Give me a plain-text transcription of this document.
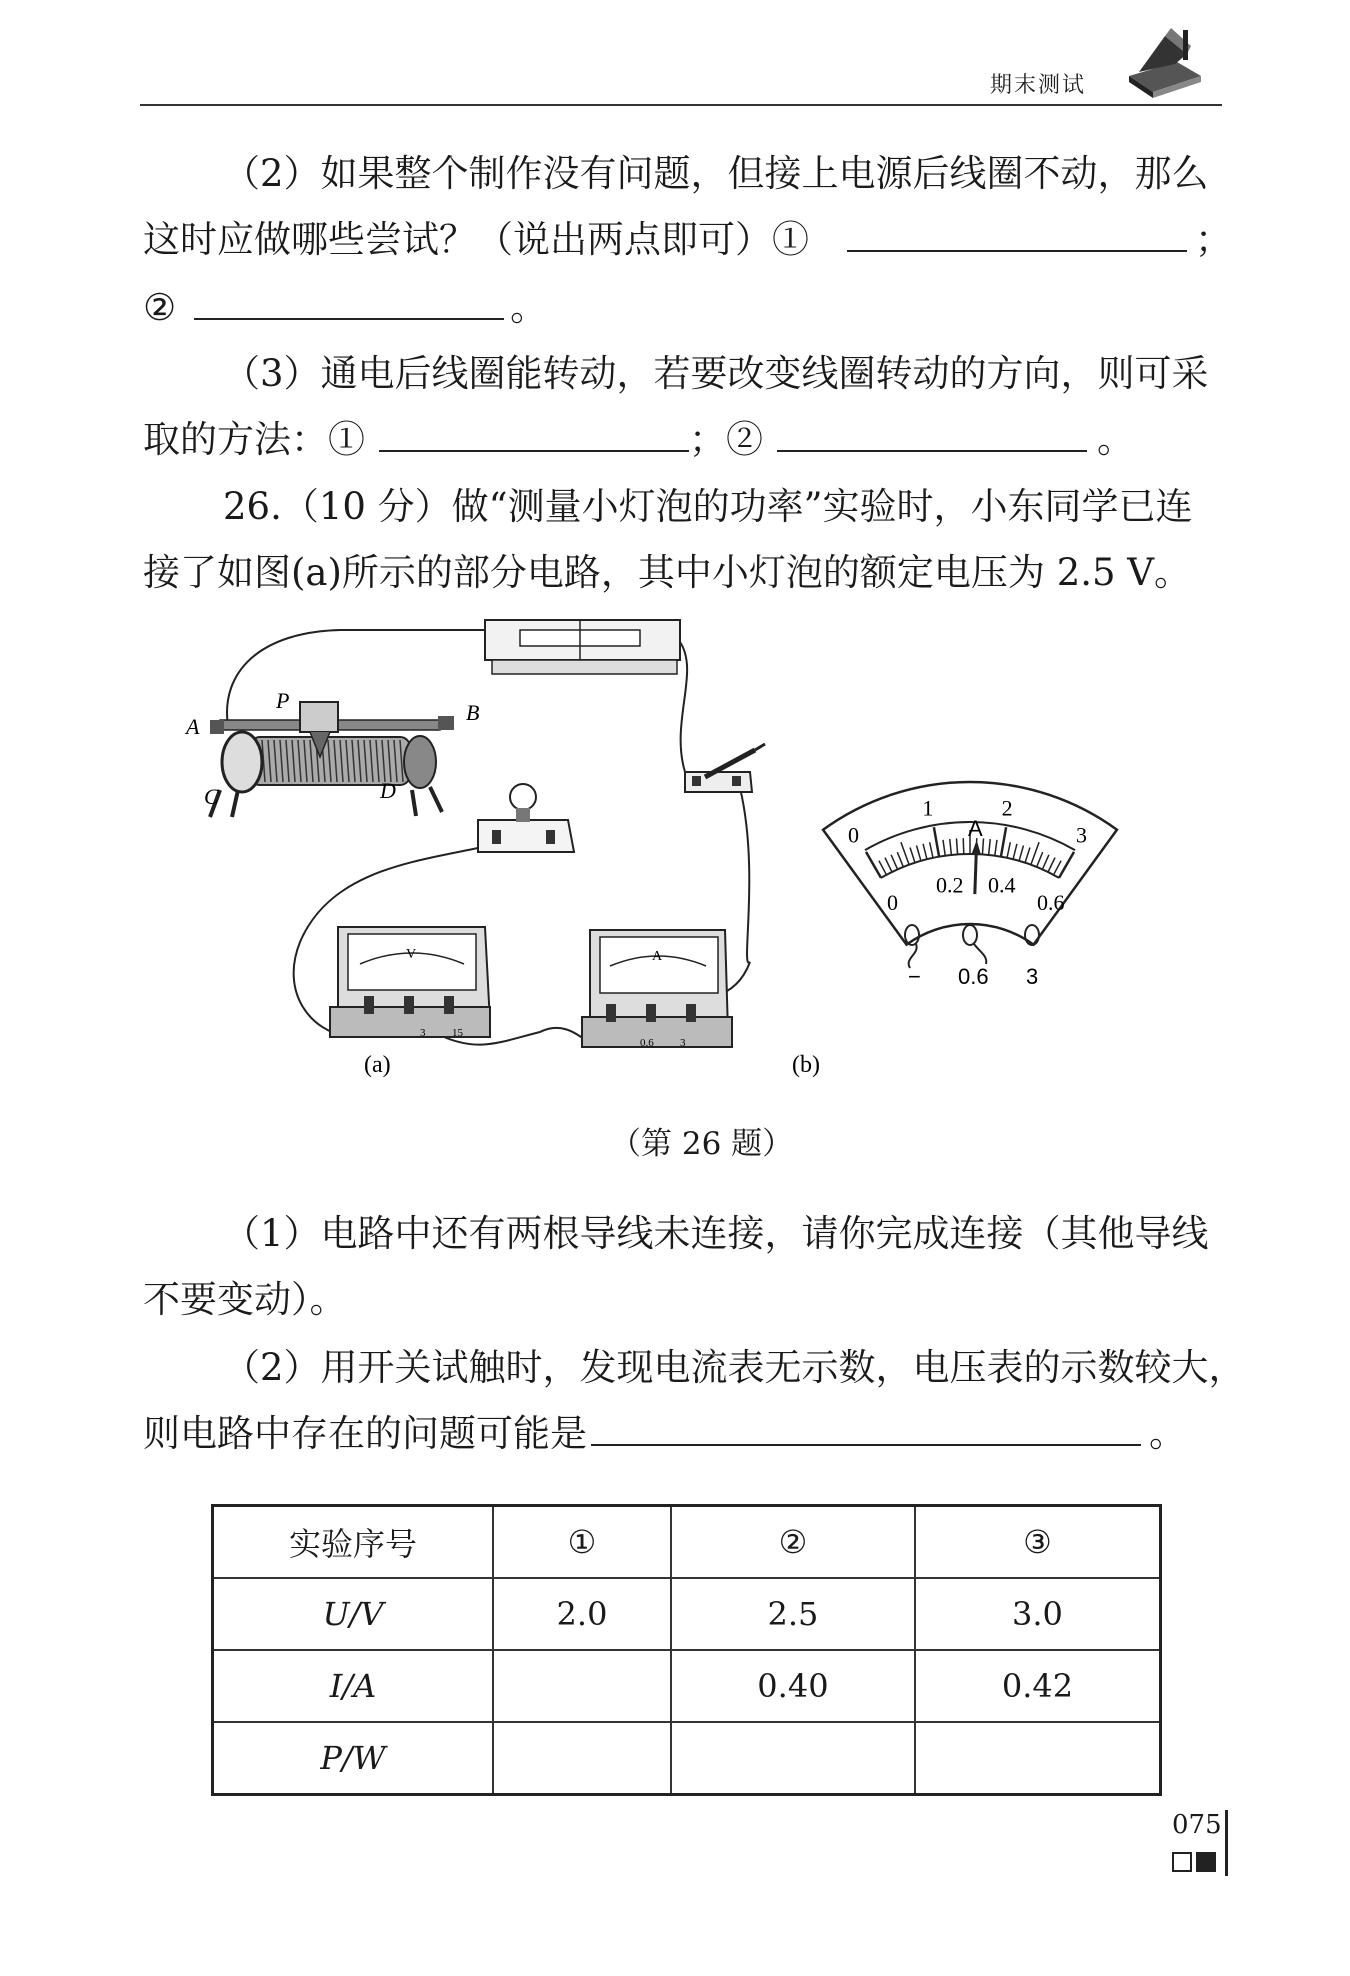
期末测试
（2）如果整个制作没有问题，但接上电源后线圈不动，那么
这时应做哪些尝试？（说出两点即可）①	；
②	。
（3）通电后线圈能转动，若要改变线圈转动的方向，则可采
取的方法：①	；②	。
26.（10 分）做“测量小灯泡的功率”实验时，小东同学已连
接了如图(a)所示的部分电路，其中小灯泡的额定电压为 2.5 V。
A
P	B
C	D
V
3 15
A
0.6 3
0
1	2
3
0
0.2 0.4
0.6
A
− 0.6 3
(a)	(b)
（第 26 题）
（1）电路中还有两根导线未连接，请你完成连接（其他导线
不要变动）。
（2）用开关试触时，发现电流表无示数，电压表的示数较大，
则电路中存在的问题可能是	。
实验序号	①	②	③
U/V	2.0	2.5	3.0
I/A		0.40	0.42
P/W			
075
